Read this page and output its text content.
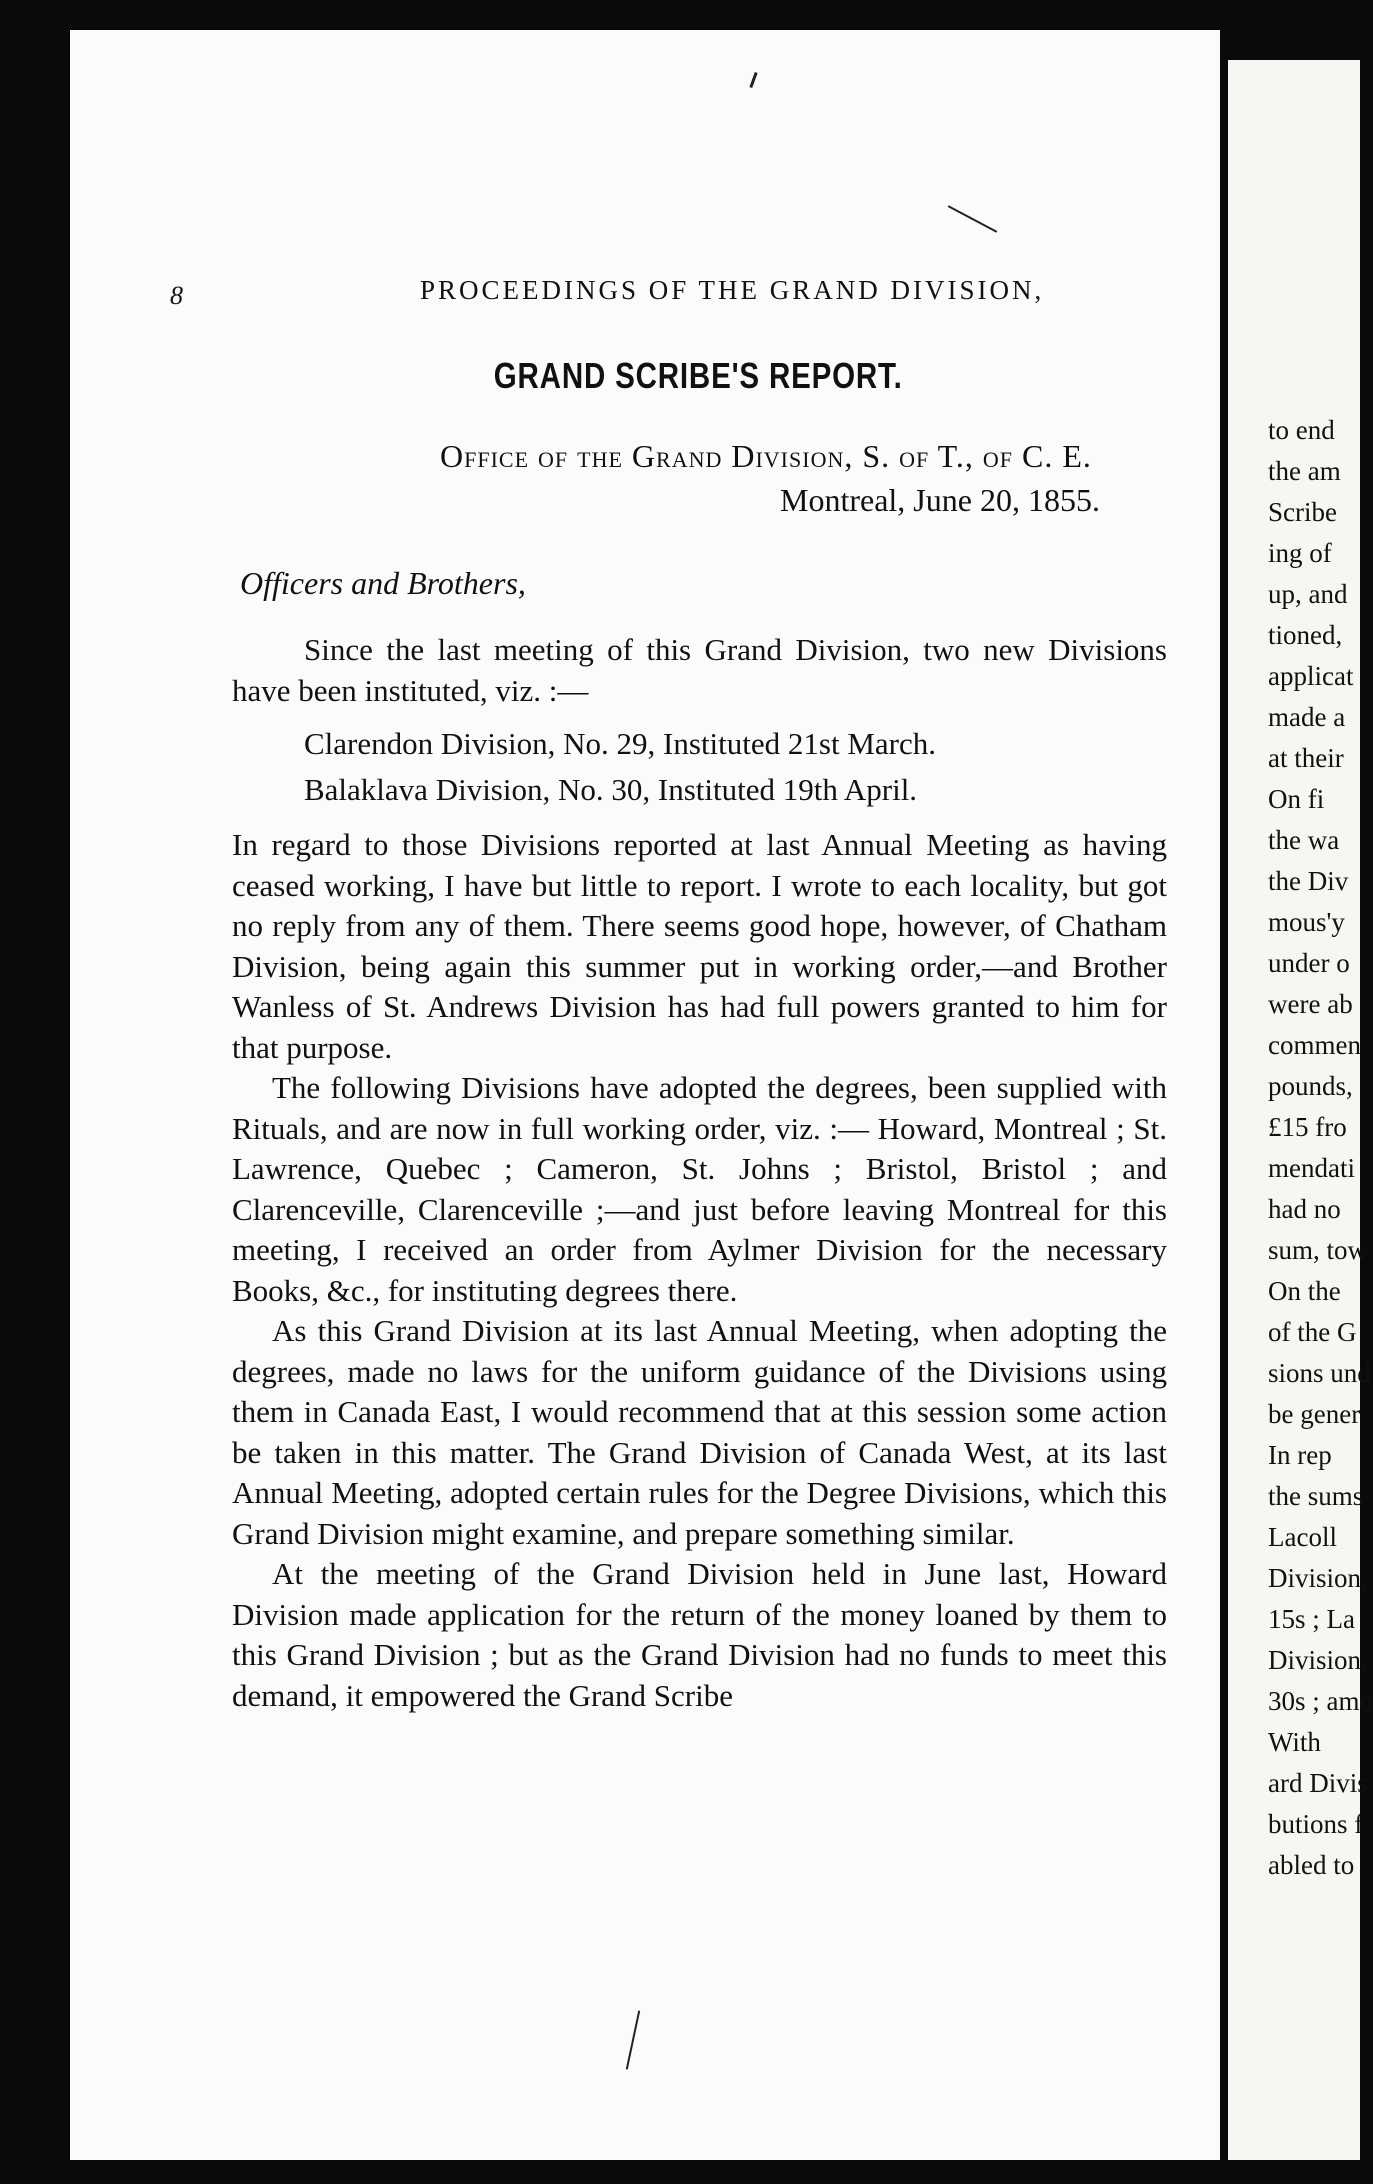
to end
the am
Scribe
ing of
up, and
tioned,
applicat
made a
at their
On fi
the wa
the Div
mous'y
under o
were ab
commen
pounds,
£15 fro
mendati
had no
sum, tow
On the
of the G
sions und
be gener
In rep
the sums
Lacoll
Division,
15s ; La
Division,
30s ; amo
With
ard Divis
butions f
abled to
8	PROCEEDINGS OF THE GRAND DIVISION,
GRAND SCRIBE'S REPORT.
Office of the Grand Division, S. of T., of C. E.
Montreal, June 20, 1855.
Officers and Brothers,

Since the last meeting of this Grand Division, two new Divisions have been instituted, viz. :—

Clarendon Division, No. 29, Instituted 21st March.
Balaklava Division, No. 30, Instituted 19th April.

In regard to those Divisions reported at last Annual Meeting as having ceased working, I have but little to report. I wrote to each locality, but got no reply from any of them. There seems good hope, however, of Chatham Division, being again this summer put in working order,—and Brother Wanless of St. Andrews Division has had full powers granted to him for that purpose.

The following Divisions have adopted the degrees, been supplied with Rituals, and are now in full working order, viz. :— Howard, Montreal ; St. Lawrence, Quebec ; Cameron, St. Johns ; Bristol, Bristol ; and Clarenceville, Clarenceville ;—and just before leaving Montreal for this meeting, I received an order from Aylmer Division for the necessary Books, &c., for instituting degrees there.

As this Grand Division at its last Annual Meeting, when adopting the degrees, made no laws for the uniform guidance of the Divisions using them in Canada East, I would recommend that at this session some action be taken in this matter. The Grand Division of Canada West, at its last Annual Meeting, adopted certain rules for the Degree Divisions, which this Grand Division might examine, and prepare something similar.

At the meeting of the Grand Division held in June last, Howard Division made application for the return of the money loaned by them to this Grand Division ; but as the Grand Division had no funds to meet this demand, it empowered the Grand Scribe
